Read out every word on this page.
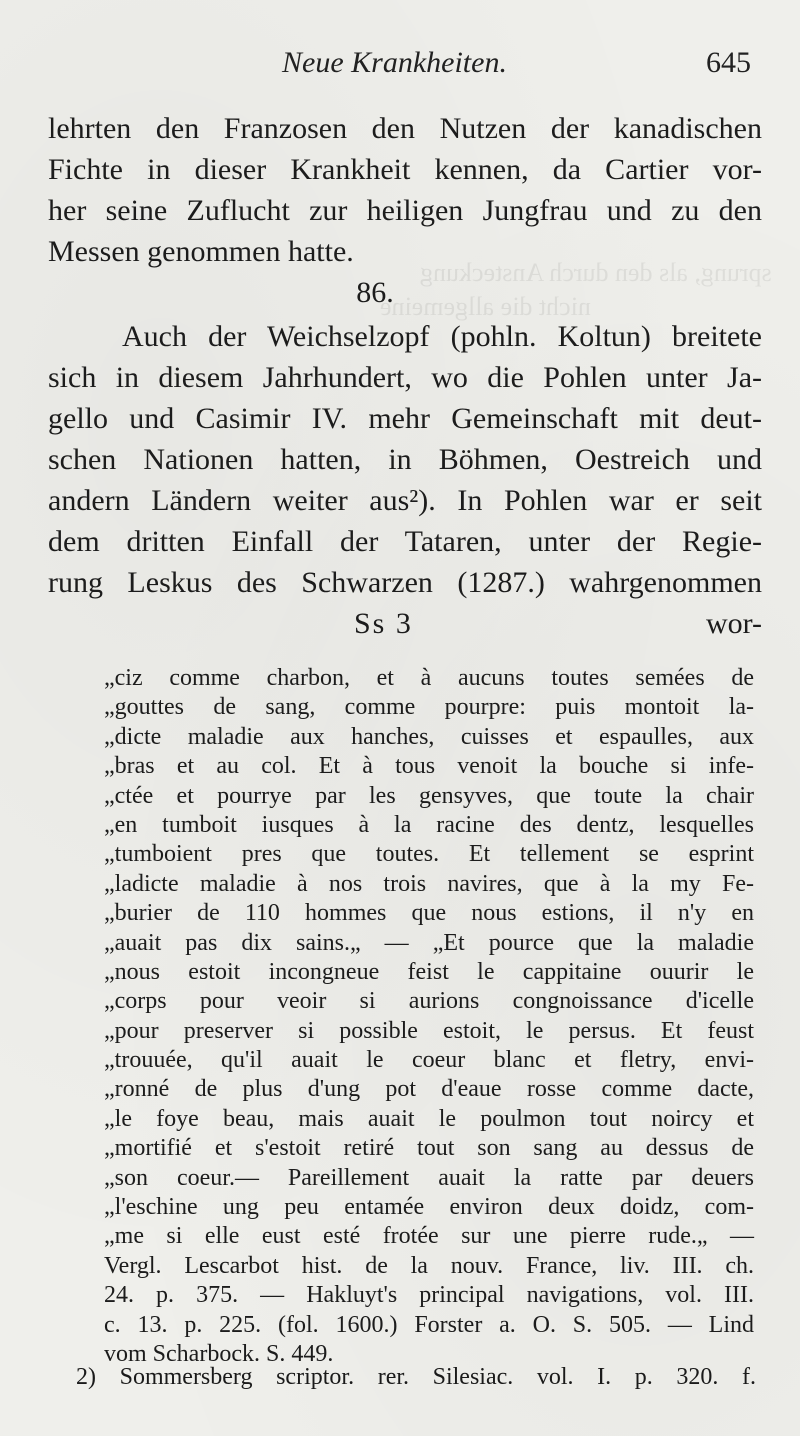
sprung, als den durch Ansteckung
nicht die allgemeine
Neue Krankheiten.	645
lehrten den Franzosen den Nutzen der kanadischen
Fichte in dieser Krankheit kennen, da Cartier vor-
her seine Zuflucht zur heiligen Jungfrau und zu den
Messen genommen hatte.
86.
Auch der Weichselzopf (pohln. Koltun) breitete
sich in diesem Jahrhundert, wo die Pohlen unter Ja-
gello und Casimir IV. mehr Gemeinschaft mit deut-
schen Nationen hatten, in Böhmen, Oestreich und
andern Ländern weiter aus²). In Pohlen war er seit
dem dritten Einfall der Tataren, unter der Regie-
rung Leskus des Schwarzen (1287.) wahrgenommen
Ss 3	wor-
„ciz comme charbon, et à aucuns toutes semées de
„gouttes de sang, comme pourpre: puis montoit la-
„dicte maladie aux hanches, cuisses et espaulles, aux
„bras et au col. Et à tous venoit la bouche si infe-
„ctée et pourrye par les gensyves, que toute la chair
„en tumboit iusques à la racine des dentz, lesquelles
„tumboient pres que toutes. Et tellement se esprint
„ladicte maladie à nos trois navires, que à la my Fe-
„burier de 110 hommes que nous estions, il n'y en
„auait pas dix sains.„ — „Et pource que la maladie
„nous estoit incongneue feist le cappitaine ouurir le
„corps pour veoir si aurions congnoissance d'icelle
„pour preserver si possible estoit, le persus. Et feust
„trouuée, qu'il auait le coeur blanc et fletry, envi-
„ronné de plus d'ung pot d'eaue rosse comme dacte,
„le foye beau, mais auait le poulmon tout noircy et
„mortifié et s'estoit retiré tout son sang au dessus de
„son coeur.— Pareillement auait la ratte par deuers
„l'eschine ung peu entamée environ deux doidz, com-
„me si elle eust esté frotée sur une pierre rude.„ —
Vergl. Lescarbot hist. de la nouv. France, liv. III. ch.
24. p. 375. — Hakluyt's principal navigations, vol. III.
c. 13. p. 225. (fol. 1600.) Forster a. O. S. 505. — Lind
vom Scharbock. S. 449.
2) Sommersberg scriptor. rer. Silesiac. vol. I. p. 320. f.
